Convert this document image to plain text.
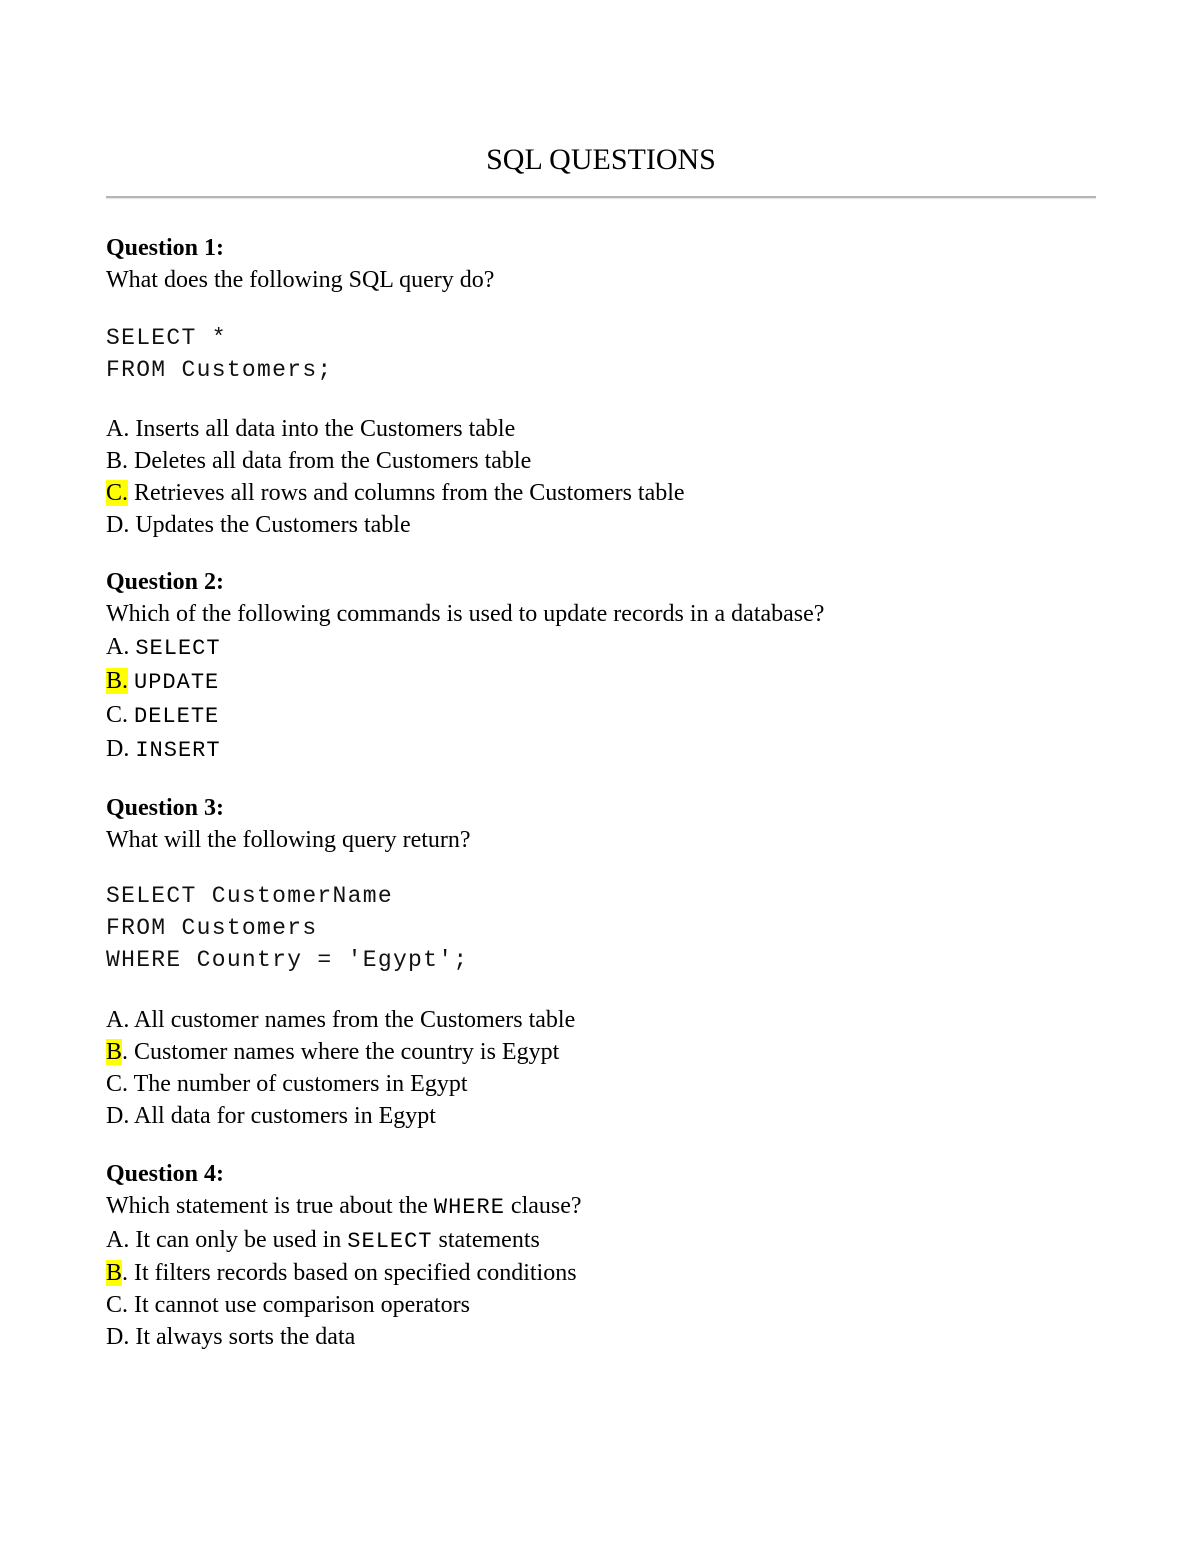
SQL QUESTIONS
Question 1:
What does the following SQL query do?
SELECT *
FROM Customers;
A. Inserts all data into the Customers table
B. Deletes all data from the Customers table
C. Retrieves all rows and columns from the Customers table
D. Updates the Customers table
Question 2:
Which of the following commands is used to update records in a database?
A. SELECT
B. UPDATE
C. DELETE
D. INSERT
Question 3:
What will the following query return?
SELECT CustomerName
FROM Customers
WHERE Country = 'Egypt';
A. All customer names from the Customers table
B. Customer names where the country is Egypt
C. The number of customers in Egypt
D. All data for customers in Egypt
Question 4:
Which statement is true about the WHERE clause?
A. It can only be used in SELECT statements
B. It filters records based on specified conditions
C. It cannot use comparison operators
D. It always sorts the data
